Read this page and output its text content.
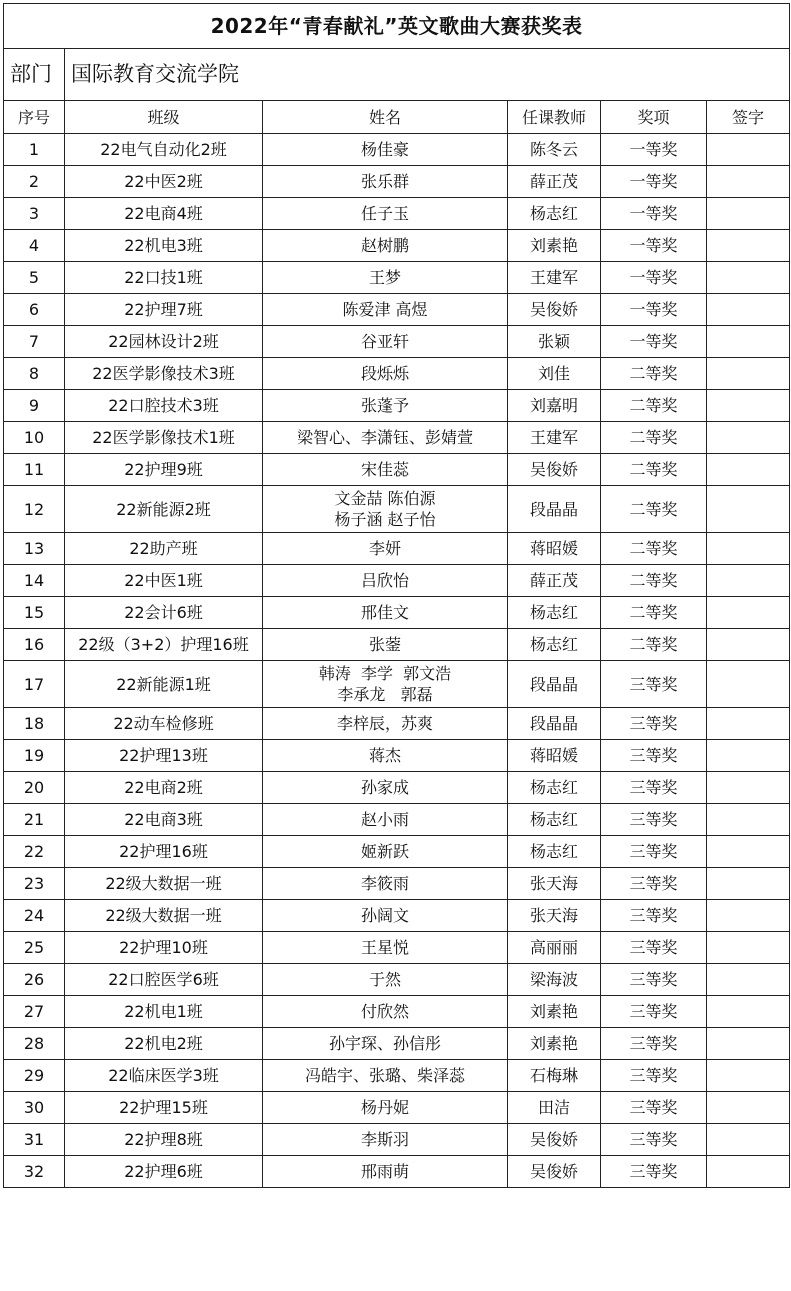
2022年“青春献礼”英文歌曲大赛获奖表					
部门	国际教育交流学院				
序号	班级	姓名	任课教师	奖项	签字
1	22电气自动化2班	杨佳豪	陈冬云	一等奖	
2	22中医2班	张乐群	薛正茂	一等奖	
3	22电商4班	任子玉	杨志红	一等奖	
4	22机电3班	赵树鹏	刘素艳	一等奖	
5	22口技1班	王梦	王建军	一等奖	
6	22护理7班	陈爱津 高煜	吴俊娇	一等奖	
7	22园林设计2班	谷亚轩	张颖	一等奖	
8	22医学影像技术3班	段烁烁	刘佳	二等奖	
9	22口腔技术3班	张蓬予	刘嘉明	二等奖	
10	22医学影像技术1班	梁智心、李潇钰、彭婧萱	王建军	二等奖	
11	22护理9班	宋佳蕊	吴俊娇	二等奖	
12	22新能源2班	文金喆 陈伯源
杨子涵 赵子怡	段晶晶	二等奖	
13	22助产班	李妍	蒋昭媛	二等奖	
14	22中医1班	吕欣怡	薛正茂	二等奖	
15	22会计6班	邢佳文	杨志红	二等奖	
16	22级（3+2）护理16班	张蓥	杨志红	二等奖	
17	22新能源1班	韩涛  李学  郭文浩
李承龙   郭磊	段晶晶	三等奖	
18	22动车检修班	李梓辰，苏爽	段晶晶	三等奖	
19	22护理13班	蒋杰	蒋昭媛	三等奖	
20	22电商2班	孙家成	杨志红	三等奖	
21	22电商3班	赵小雨	杨志红	三等奖	
22	22护理16班	姬新跃	杨志红	三等奖	
23	22级大数据一班	李筱雨	张天海	三等奖	
24	22级大数据一班	孙阔文	张天海	三等奖	
25	22护理10班	王星悦	高丽丽	三等奖	
26	22口腔医学6班	于然	梁海波	三等奖	
27	22机电1班	付欣然	刘素艳	三等奖	
28	22机电2班	孙宇琛、孙信彤	刘素艳	三等奖	
29	22临床医学3班	冯皓宇、张璐、柴泽蕊	石梅琳	三等奖	
30	22护理15班	杨丹妮	田洁	三等奖	
31	22护理8班	李斯羽	吴俊娇	三等奖	
32	22护理6班	邢雨萌	吴俊娇	三等奖	
